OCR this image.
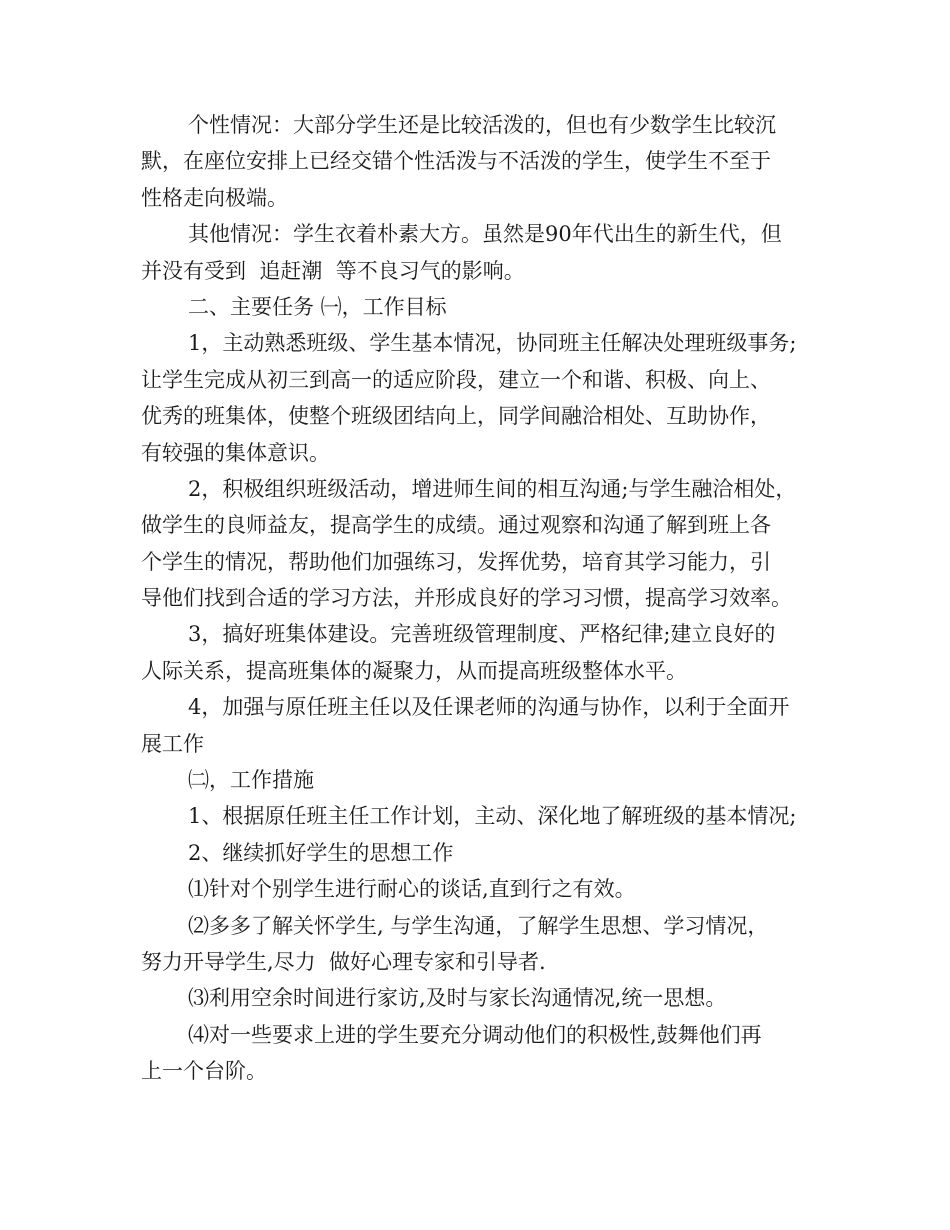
个性情况：大部分学生还是比较活泼的，但也有少数学生比较沉
默，在座位安排上已经交错个性活泼与不活泼的学生，使学生不至于
性格走向极端。
其他情况：学生衣着朴素大方。虽然是90年代出生的新生代，但
并没有受到  追赶潮  等不良习气的影响。
二、主要任务 ㈠，工作目标
1，主动熟悉班级、学生基本情况，协同班主任解决处理班级事务;
让学生完成从初三到高一的适应阶段，建立一个和谐、积极、向上、
优秀的班集体，使整个班级团结向上，同学间融洽相处、互助协作，
有较强的集体意识。
2，积极组织班级活动，增进师生间的相互沟通;与学生融洽相处，
做学生的良师益友，提高学生的成绩。通过观察和沟通了解到班上各
个学生的情况，帮助他们加强练习，发挥优势，培育其学习能力，引
导他们找到合适的学习方法，并形成良好的学习习惯，提高学习效率。
3，搞好班集体建设。完善班级管理制度、严格纪律;建立良好的
人际关系，提高班集体的凝聚力，从而提高班级整体水平。
4，加强与原任班主任以及任课老师的沟通与协作，以利于全面开
展工作
㈡，工作措施
1、根据原任班主任工作计划，主动、深化地了解班级的基本情况;
2、继续抓好学生的思想工作
⑴针对个别学生进行耐心的谈话,直到行之有效。
⑵多多了解关怀学生, 与学生沟通，了解学生思想、学习情况，
努力开导学生,尽力  做好心理专家和引导者.
⑶利用空余时间进行家访,及时与家长沟通情况,统一思想。
⑷对一些要求上进的学生要充分调动他们的积极性,鼓舞他们再
上一个台阶。
